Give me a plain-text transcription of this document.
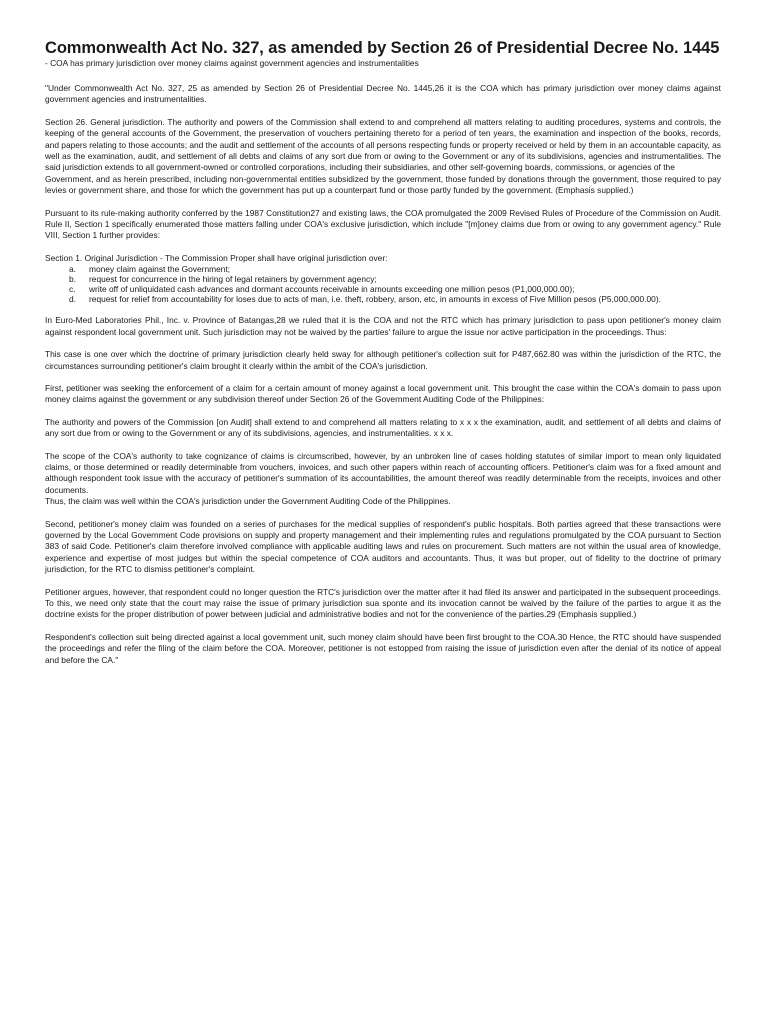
Commonwealth Act No. 327, as amended by Section 26 of Presidential Decree No. 1445

- COA has primary jurisdiction over money claims against government agencies and instrumentalities

"Under Commonwealth Act No. 327, 25 as amended by Section 26 of Presidential Decree No. 1445,26 it is the COA which has primary jurisdiction over money claims against government agencies and instrumentalities.

Section 26. General jurisdiction. The authority and powers of the Commission shall extend to and comprehend all matters relating to auditing procedures, systems and controls, the keeping of the general accounts of the Government, the preservation of vouchers pertaining thereto for a period of ten years, the examination and inspection of the books, records, and papers relating to those accounts; and the audit and settlement of the accounts of all persons respecting funds or property received or held by them in an accountable capacity, as well as the examination, audit, and settlement of all debts and claims of any sort due from or owing to the Government or any of its subdivisions, agencies and instrumentalities. The said jurisdiction extends to all government-owned or controlled corporations, including their subsidiaries, and other self-governing boards, commissions, or agencies of the

Government, and as herein prescribed, including non-governmental entities subsidized by the government, those funded by donations through the government, those required to pay levies or government share, and those for which the government has put up a counterpart fund or those partly funded by the government. (Emphasis supplied.)

Pursuant to its rule-making authority conferred by the 1987 Constitution27 and existing laws, the COA promulgated the 2009 Revised Rules of Procedure of the Commission on Audit. Rule II, Section 1 specifically enumerated those matters falling under COA's exclusive jurisdiction, which include "[m]oney claims due from or owing to any government agency." Rule VIII, Section 1 further provides:

Section 1. Original Jurisdiction - The Commission Proper shall have original jurisdiction over:

a.	money claim against the Government;
b.	request for concurrence in the hiring of legal retainers by government agency;
c.	write off of unliquidated cash advances and dormant accounts receivable in amounts exceeding one million pesos (P1,000,000.00);
d.	request for relief from accountability for loses due to acts of man, i.e. theft, robbery, arson, etc, in amounts in excess of Five Million pesos (P5,000,000.00).

In Euro-Med Laboratories Phil., Inc. v. Province of Batangas,28 we ruled that it is the COA and not the RTC which has primary jurisdiction to pass upon petitioner's money claim against respondent local government unit. Such jurisdiction may not be waived by the parties' failure to argue the issue nor active participation in the proceedings. Thus:

This case is one over which the doctrine of primary jurisdiction clearly held sway for although petitioner's collection suit for P487,662.80 was within the jurisdiction of the RTC, the circumstances surrounding petitioner's claim brought it clearly within the ambit of the COA's jurisdiction.

First, petitioner was seeking the enforcement of a claim for a certain amount of money against a local government unit. This brought the case within the COA's domain to pass upon money claims against the government or any subdivision thereof under Section 26 of the Government Auditing Code of the Philippines:

The authority and powers of the Commission [on Audit] shall extend to and comprehend all matters relating to x x x the examination, audit, and settlement of all debts and claims of any sort due from or owing to the Government or any of its subdivisions, agencies, and instrumentalities. x x x.

The scope of the COA's authority to take cognizance of claims is circumscribed, however, by an unbroken line of cases holding statutes of similar import to mean only liquidated claims, or those determined or readily determinable from vouchers, invoices, and such other papers within reach of accounting officers. Petitioner's claim was for a fixed amount and although respondent took issue with the accuracy of petitioner's summation of its accountabilities, the amount thereof was readily determinable from the receipts, invoices and other documents.

Thus, the claim was well within the COA's jurisdiction under the Government Auditing Code of the Philippines.

Second, petitioner's money claim was founded on a series of purchases for the medical supplies of respondent's public hospitals. Both parties agreed that these transactions were governed by the Local Government Code provisions on supply and property management and their implementing rules and regulations promulgated by the COA pursuant to Section 383 of said Code. Petitioner's claim therefore involved compliance with applicable auditing laws and rules on procurement. Such matters are not within the usual area of knowledge, experience and expertise of most judges but within the special competence of COA auditors and accountants. Thus, it was but proper, out of fidelity to the doctrine of primary jurisdiction, for the RTC to dismiss petitioner's complaint.

Petitioner argues, however, that respondent could no longer question the RTC's jurisdiction over the matter after it had filed its answer and participated in the subsequent proceedings. To this, we need only state that the court may raise the issue of primary jurisdiction sua sponte and its invocation cannot be waived by the failure of the parties to argue it as the doctrine exists for the proper distribution of power between judicial and administrative bodies and not for the convenience of the parties.29 (Emphasis supplied.)

Respondent's collection suit being directed against a local government unit, such money claim should have been first brought to the COA.30 Hence, the RTC should have suspended the proceedings and refer the filing of the claim before the COA. Moreover, petitioner is not estopped from raising the issue of jurisdiction even after the denial of its notice of appeal and before the CA."
